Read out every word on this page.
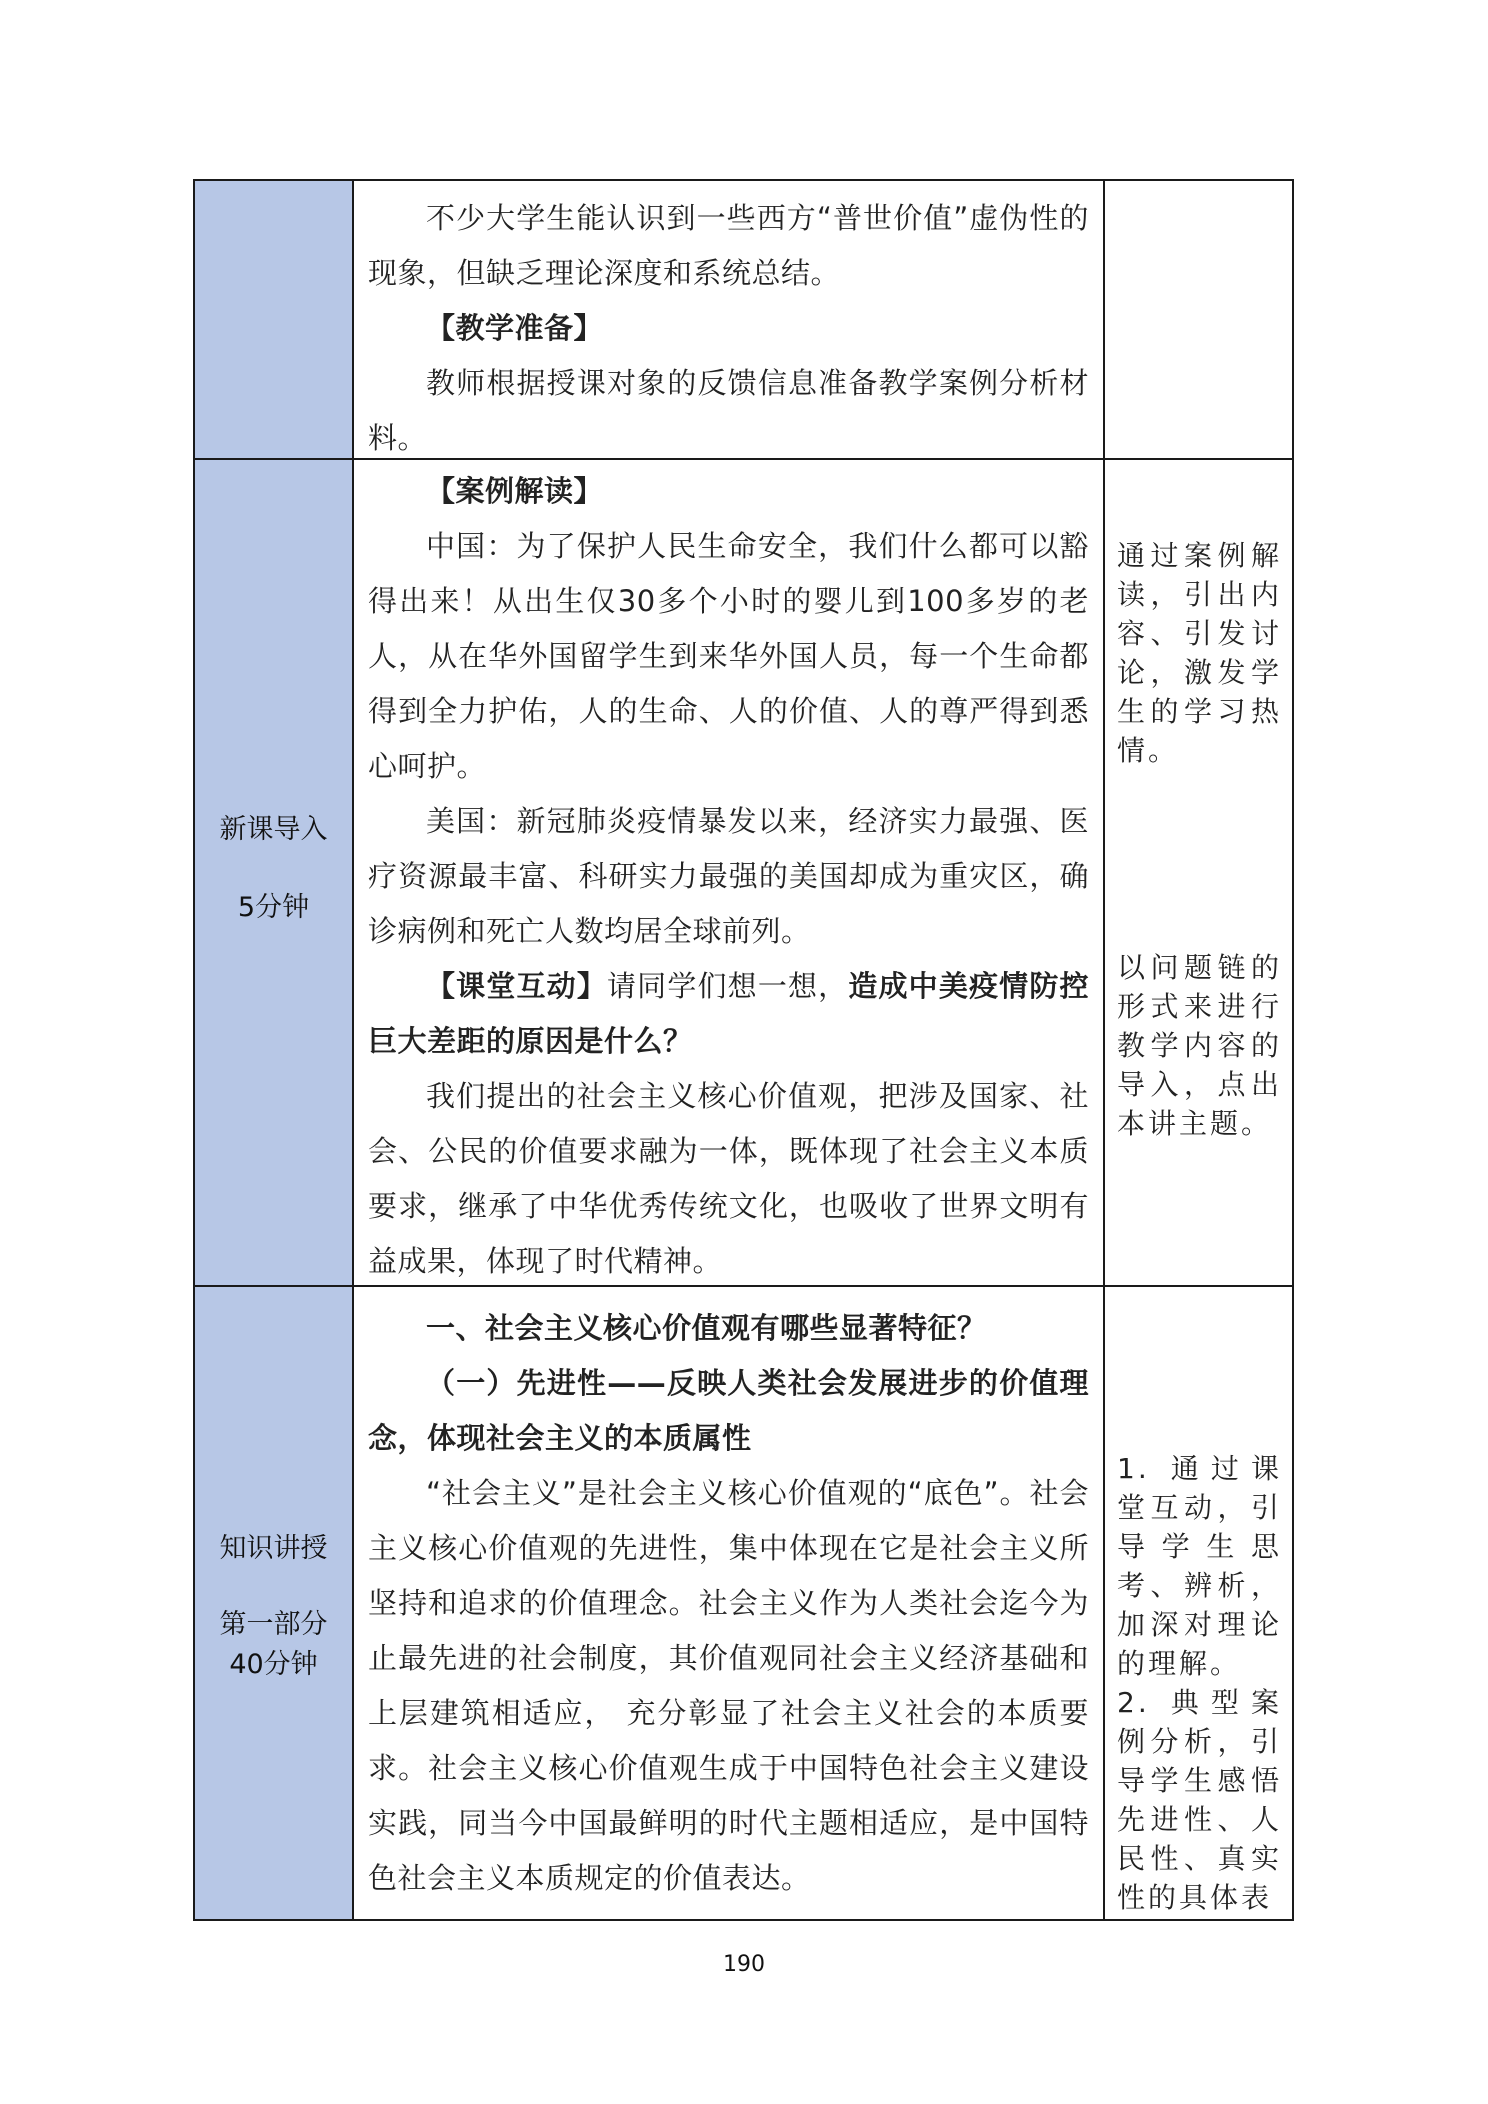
不少大学生能认识到一些西方“普世价值”虚伪性的现象，但缺乏理论深度和系统总结。

【教学准备】

教师根据授课对象的反馈信息准备教学案例分析材料。

新课导入
5分钟

【案例解读】

中国：为了保护人民生命安全，我们什么都可以豁得出来！从出生仅30多个小时的婴儿到100多岁的老人，从在华外国留学生到来华外国人员，每一个生命都得到全力护佑，人的生命、人的价值、人的尊严得到悉心呵护。

美国：新冠肺炎疫情暴发以来，经济实力最强、医疗资源最丰富、科研实力最强的美国却成为重灾区，确诊病例和死亡人数均居全球前列。

【课堂互动】请同学们想一想，造成中美疫情防控巨大差距的原因是什么？

我们提出的社会主义核心价值观，把涉及国家、社会、公民的价值要求融为一体，既体现了社会主义本质要求，继承了中华优秀传统文化，也吸收了世界文明有益成果，体现了时代精神。

通过案例解读，引出内容、引发讨论，激发学生的学习热情。
以问题链的形式来进行教学内容的导入，点出本讲主题。
知识讲授
第一部分
40分钟

一、社会主义核心价值观有哪些显著特征？

（一）先进性——反映人类社会发展进步的价值理念，体现社会主义的本质属性

“社会主义”是社会主义核心价值观的“底色”。社会主义核心价值观的先进性，集中体现在它是社会主义所坚持和追求的价值理念。社会主义作为人类社会迄今为止最先进的社会制度，其价值观同社会主义经济基础和上层建筑相适应， 充分彰显了社会主义社会的本质要求。社会主义核心价值观生成于中国特色社会主义建设实践，同当今中国最鲜明的时代主题相适应，是中国特色社会主义本质规定的价值表达。

1. 通过课堂互动，引导学生思考、辨析，加深对理论的理解。
2. 典型案例分析，引导学生感悟先进性、人民性、真实性的具体表
190
